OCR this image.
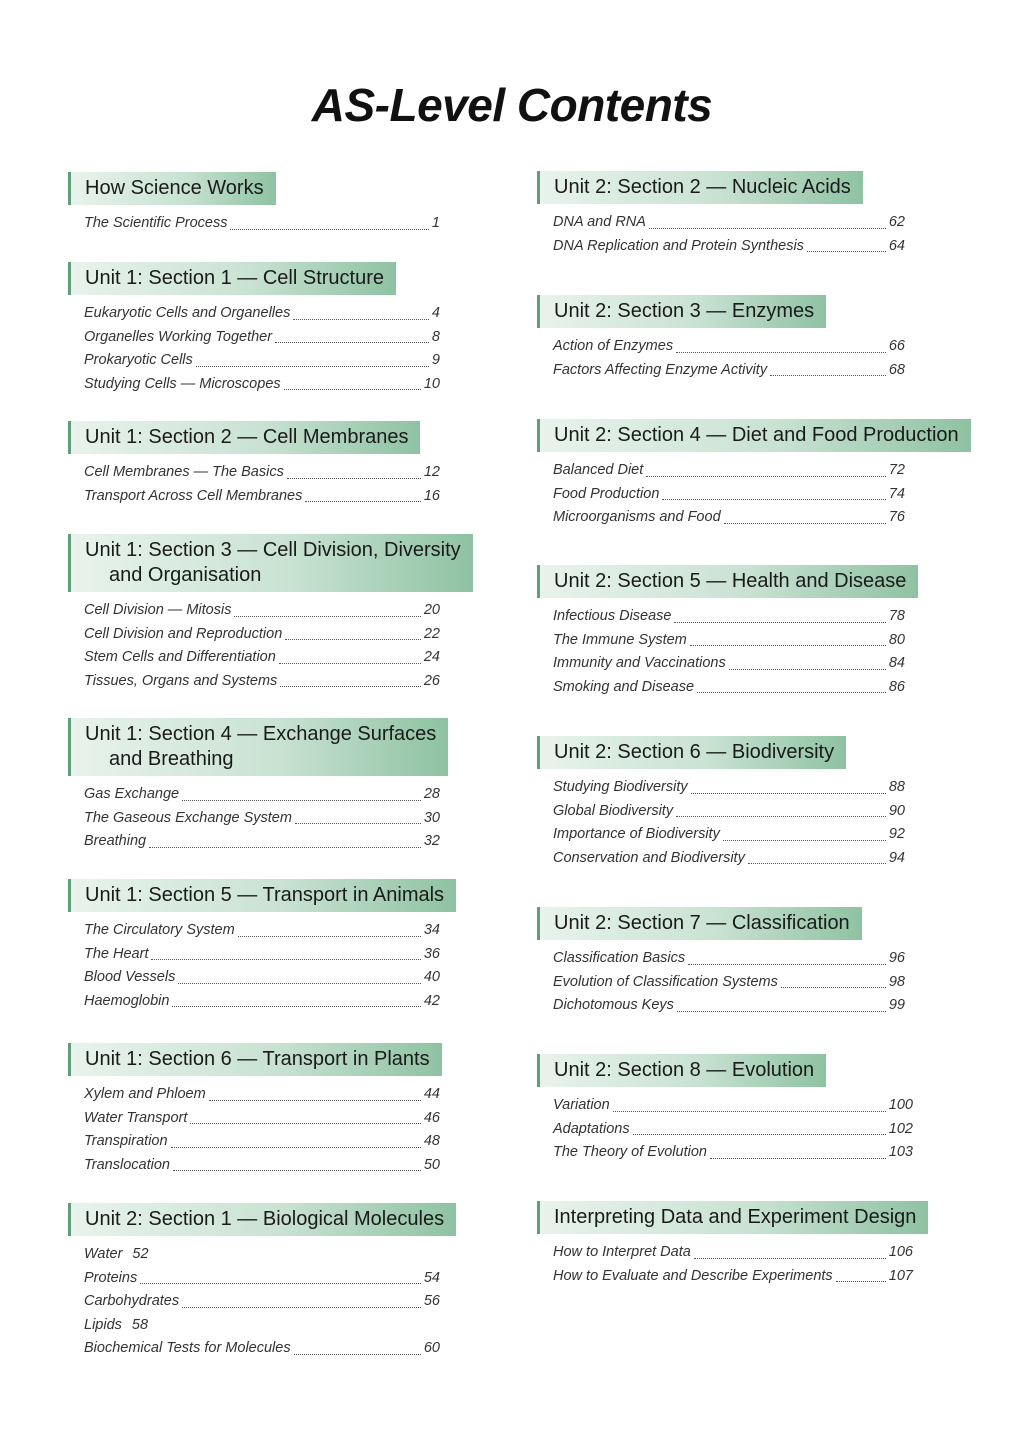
AS-Level Contents
How Science Works
The Scientific Process	1
Unit 1: Section 1 — Cell Structure
Eukaryotic Cells and Organelles	4
Organelles Working Together	8
Prokaryotic Cells	9
Studying Cells — Microscopes	10
Unit 1: Section 2 — Cell Membranes
Cell Membranes — The Basics	12
Transport Across Cell Membranes	16
Unit 1: Section 3 — Cell Division, Diversity
and Organisation
Cell Division — Mitosis	20
Cell Division and Reproduction	22
Stem Cells and Differentiation	24
Tissues, Organs and Systems	26
Unit 1: Section 4 — Exchange Surfaces
and Breathing
Gas Exchange	28
The Gaseous Exchange System	30
Breathing	32
Unit 1: Section 5 — Transport in Animals
The Circulatory System	34
The Heart	36
Blood Vessels	40
Haemoglobin	42
Unit 1: Section 6 — Transport in Plants
Xylem and Phloem	44
Water Transport	46
Transpiration	48
Translocation	50
Unit 2: Section 1 — Biological Molecules
Water 52
Proteins	54
Carbohydrates	56
Lipids 58
Biochemical Tests for Molecules	60
Unit 2: Section 2 — Nucleic Acids
DNA and RNA	62
DNA Replication and Protein Synthesis	64
Unit 2: Section 3 — Enzymes
Action of Enzymes	66
Factors Affecting Enzyme Activity	68
Unit 2: Section 4 — Diet and Food Production
Balanced Diet	72
Food Production	74
Microorganisms and Food	76
Unit 2: Section 5 — Health and Disease
Infectious Disease	78
The Immune System	80
Immunity and Vaccinations	84
Smoking and Disease	86
Unit 2: Section 6 — Biodiversity
Studying Biodiversity	88
Global Biodiversity	90
Importance of Biodiversity	92
Conservation and Biodiversity	94
Unit 2: Section 7 — Classification
Classification Basics	96
Evolution of Classification Systems	98
Dichotomous Keys	99
Unit 2: Section 8 — Evolution
Variation	100
Adaptations	102
The Theory of Evolution	103
Interpreting Data and Experiment Design
How to Interpret Data	106
How to Evaluate and Describe Experiments	107
